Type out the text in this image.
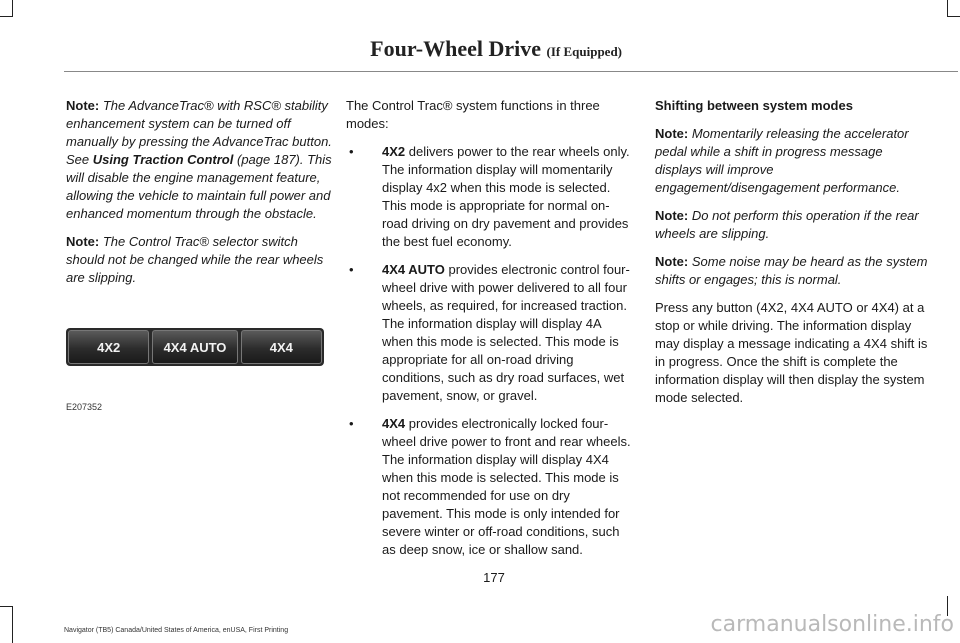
Four-Wheel Drive (If Equipped)

Note: The AdvanceTrac® with RSC® stability enhancement system can be turned off manually by pressing the AdvanceTrac button. See Using Traction Control (page 187). This will disable the engine management feature, allowing the vehicle to maintain full power and enhanced momentum through the obstacle.

Note: The Control Trac® selector switch should not be changed while the rear wheels are slipping.

4X2	4X4 AUTO	4X4
E207352

The Control Trac® system functions in three modes:

• 4X2 delivers power to the rear wheels only. The information display will momentarily display 4x2 when this mode is selected. This mode is appropriate for normal on-road driving on dry pavement and provides the best fuel economy.
• 4X4 AUTO provides electronic control four-wheel drive with power delivered to all four wheels, as required, for increased traction. The information display will display 4A when this mode is selected. This mode is appropriate for all on-road driving conditions, such as dry road surfaces, wet pavement, snow, or gravel.
• 4X4 provides electronically locked four-wheel drive power to front and rear wheels. The information display will display 4X4 when this mode is selected. This mode is not recommended for use on dry pavement. This mode is only intended for severe winter or off-road conditions, such as deep snow, ice or shallow sand.

Shifting between system modes

Note: Momentarily releasing the accelerator pedal while a shift in progress message displays will improve engagement/disengagement performance.

Note: Do not perform this operation if the rear wheels are slipping.

Note: Some noise may be heard as the system shifts or engages; this is normal.

Press any button (4X2, 4X4 AUTO or 4X4) at a stop or while driving. The information display may display a message indicating a 4X4 shift is in progress. Once the shift is complete the information display will then display the system mode selected.

177
Navigator (TB5) Canada/United States of America, enUSA, First Printing	carmanualsonline.info
